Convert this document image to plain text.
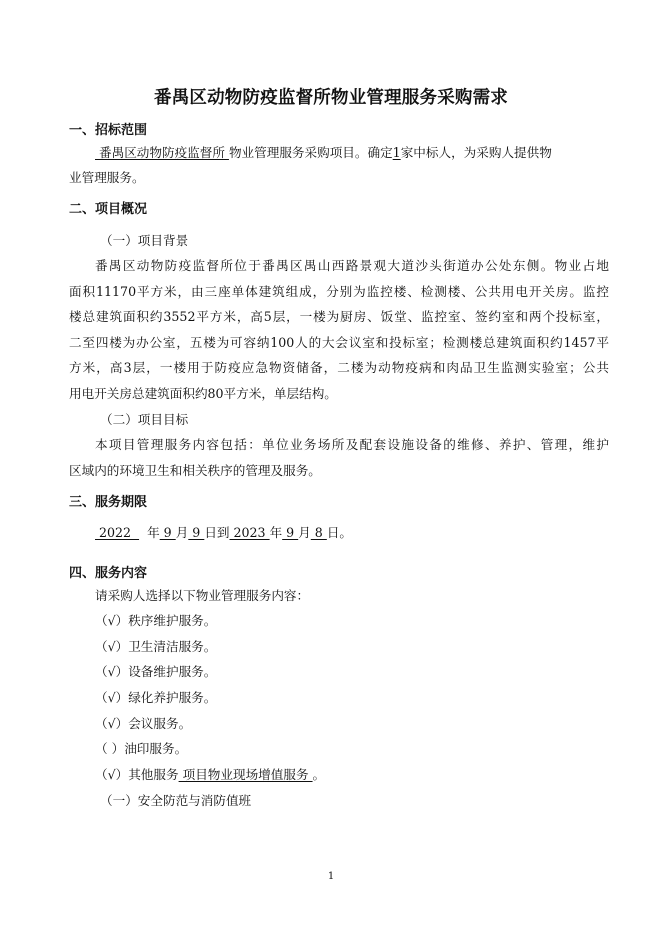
番禺区动物防疫监督所物业管理服务采购需求
一、招标范围
番禺区动物防疫监督所 物业管理服务采购项目。确定1家中标人，为采购人提供物
业管理服务。
二、项目概况
（一）项目背景
番禺区动物防疫监督所位于番禺区禺山西路景观大道沙头街道办公处东侧。物业占地
面积11170平方米，由三座单体建筑组成，分别为监控楼、检测楼、公共用电开关房。监控
楼总建筑面积约3552平方米，高5层，一楼为厨房、饭堂、监控室、签约室和两个投标室，
二至四楼为办公室，五楼为可容纳100人的大会议室和投标室；检测楼总建筑面积约1457平
方米，高3层，一楼用于防疫应急物资储备，二楼为动物疫病和肉品卫生监测实验室；公共
用电开关房总建筑面积约80平方米，单层结构。
（二）项目目标
本项目管理服务内容包括：单位业务场所及配套设施设备的维修、养护、管理，维护
区域内的环境卫生和相关秩序的管理及服务。
三、服务期限
2022    年 9 月 9 日到 2023 年 9 月 8 日。
四、服务内容
请采购人选择以下物业管理服务内容：
（√）秩序维护服务。
（√）卫生清洁服务。
（√）设备维护服务。
（√）绿化养护服务。
（√）会议服务。
（ ）油印服务。
（√）其他服务 项目物业现场增值服务 。
（一）安全防范与消防值班
1
